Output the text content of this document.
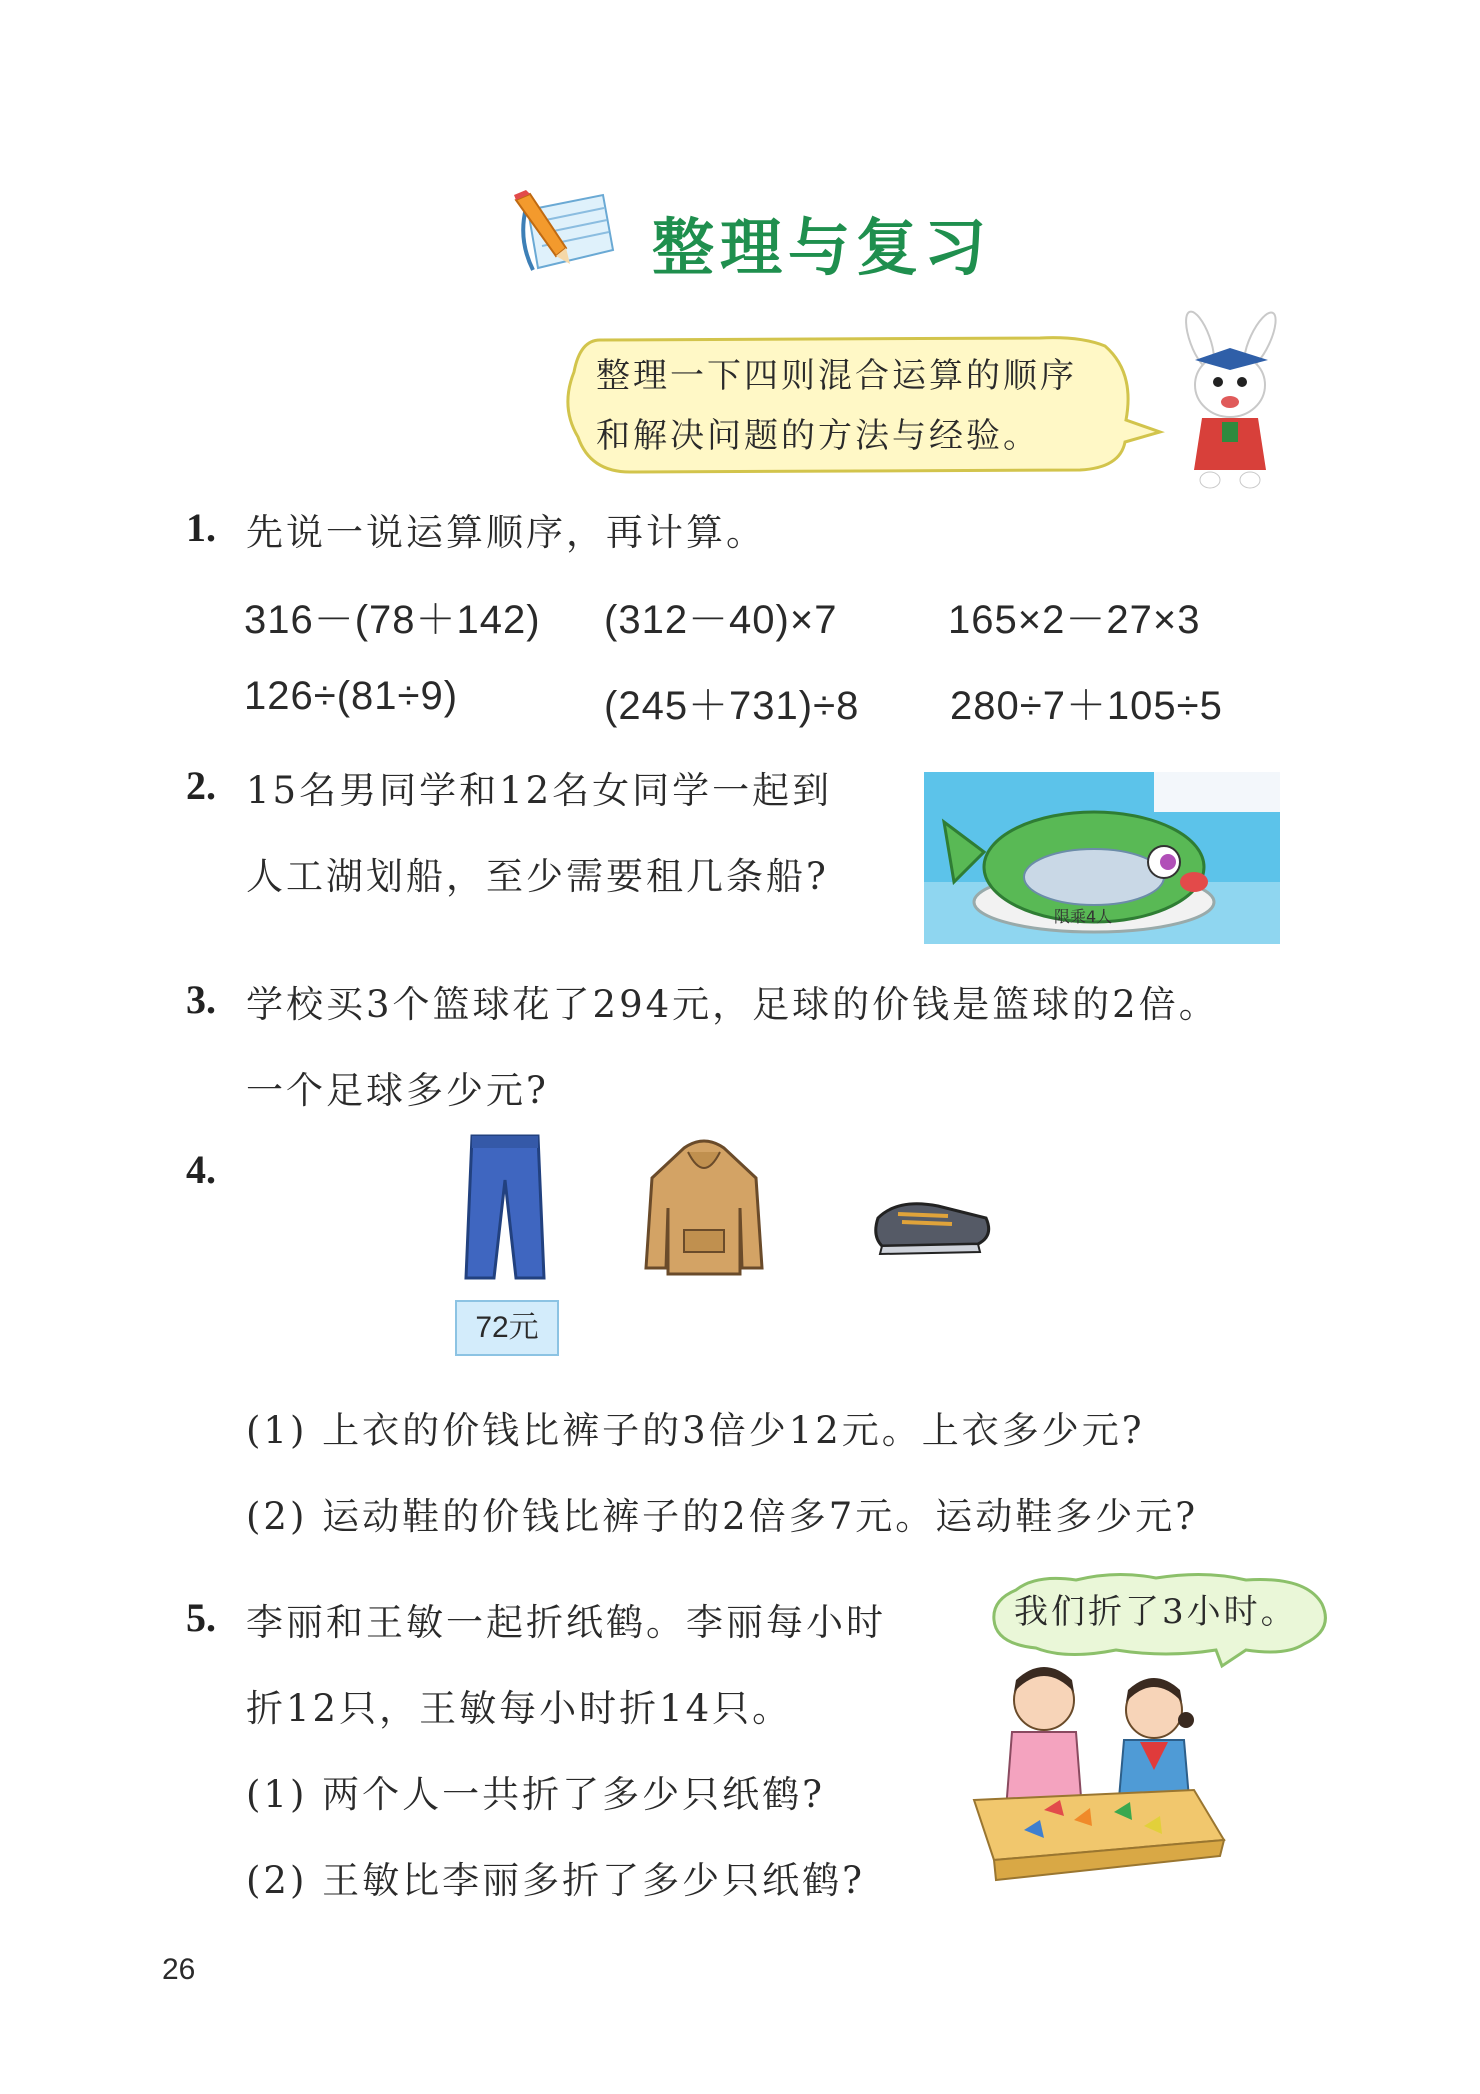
整理与复习
整理一下四则混合运算的顺序
和解决问题的方法与经验。
1. 先说一说运算顺序，再计算。
316－(78＋142) (312－40)×7	165×2－27×3
126÷(81÷9)	(245＋731)÷8 280÷7＋105÷5
2. 15名男同学和12名女同学一起到
人工湖划船，至少需要租几条船?
限乘4人
3. 学校买3个篮球花了294元，足球的价钱是篮球的2倍。
一个足球多少元?
4.
72元
(1) 上衣的价钱比裤子的3倍少12元。上衣多少元?
(2) 运动鞋的价钱比裤子的2倍多7元。运动鞋多少元?
5. 李丽和王敏一起折纸鹤。李丽每小时
折12只，王敏每小时折14只。
(1) 两个人一共折了多少只纸鹤?
(2) 王敏比李丽多折了多少只纸鹤?
我们折了3小时。
26
